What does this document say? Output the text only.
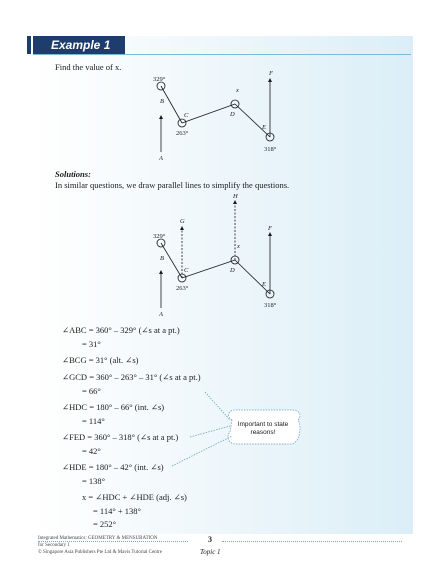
Example 1
Find the value of x.
329°
B
C
263°
x
D
F
E
318°
A
Solutions:
In similar questions, we draw parallel lines to simplify the questions.
G
H
329°
B
C
263°
x
D
F
E
318°
A
∠ABC = 360° – 329° (∠s at a pt.)
= 31°
∠BCG = 31° (alt. ∠s)
∠GCD = 360° – 263° – 31° (∠s at a pt.)
= 66°
∠HDC = 180° – 66° (int. ∠s)
= 114°
∠FED = 360° – 318° (∠s at a pt.)
= 42°
∠HDE = 180° – 42° (int. ∠s)
= 138°
x = ∠HDC + ∠HDE (adj. ∠s)
= 114° + 138°
= 252°
Important to state reasons!
Integrated Mathematics: GEOMETRY & MENSURATION
for Secondary 1
© Singapore Asia Publishers Pte Ltd & Mavis Tutorial Centre
3
Topic 1
